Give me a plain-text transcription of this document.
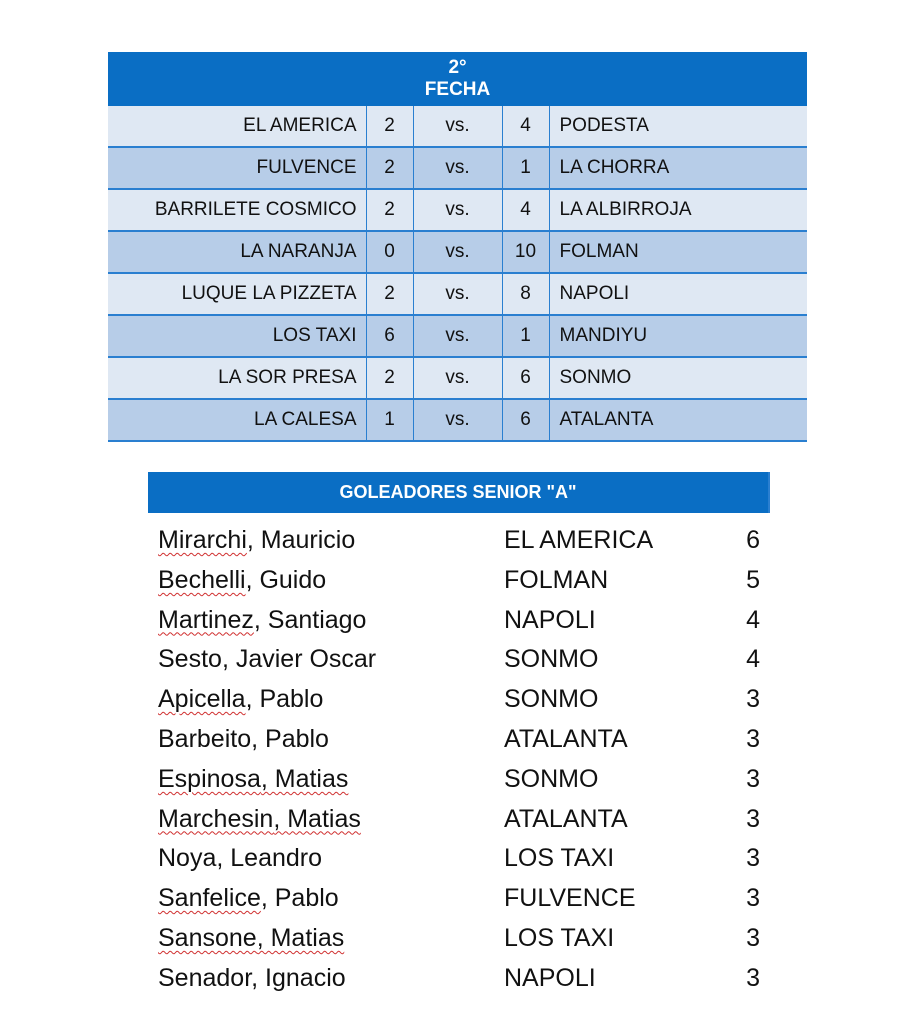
2°
FECHA				

EL AMERICA	2	vs.	4	PODESTA
FULVENCE	2	vs.	1	LA CHORRA
BARRILETE COSMICO	2	vs.	4	LA ALBIRROJA
LA NARANJA	0	vs.	10	FOLMAN
LUQUE LA PIZZETA	2	vs.	8	NAPOLI
LOS TAXI	6	vs.	1	MANDIYU
LA SOR PRESA	2	vs.	6	SONMO
LA CALESA	1	vs.	6	ATALANTA
GOLEADORES SENIOR "A"
Mirarchi, Mauricio	EL AMERICA	6
Bechelli, Guido	FOLMAN	5
Martinez, Santiago	NAPOLI	4
Sesto, Javier Oscar	SONMO	4
Apicella, Pablo	SONMO	3
Barbeito, Pablo	ATALANTA	3
Espinosa, Matias	SONMO	3
Marchesin, Matias	ATALANTA	3
Noya, Leandro	LOS TAXI	3
Sanfelice, Pablo	FULVENCE	3
Sansone, Matias	LOS TAXI	3
Senador, Ignacio	NAPOLI	3
